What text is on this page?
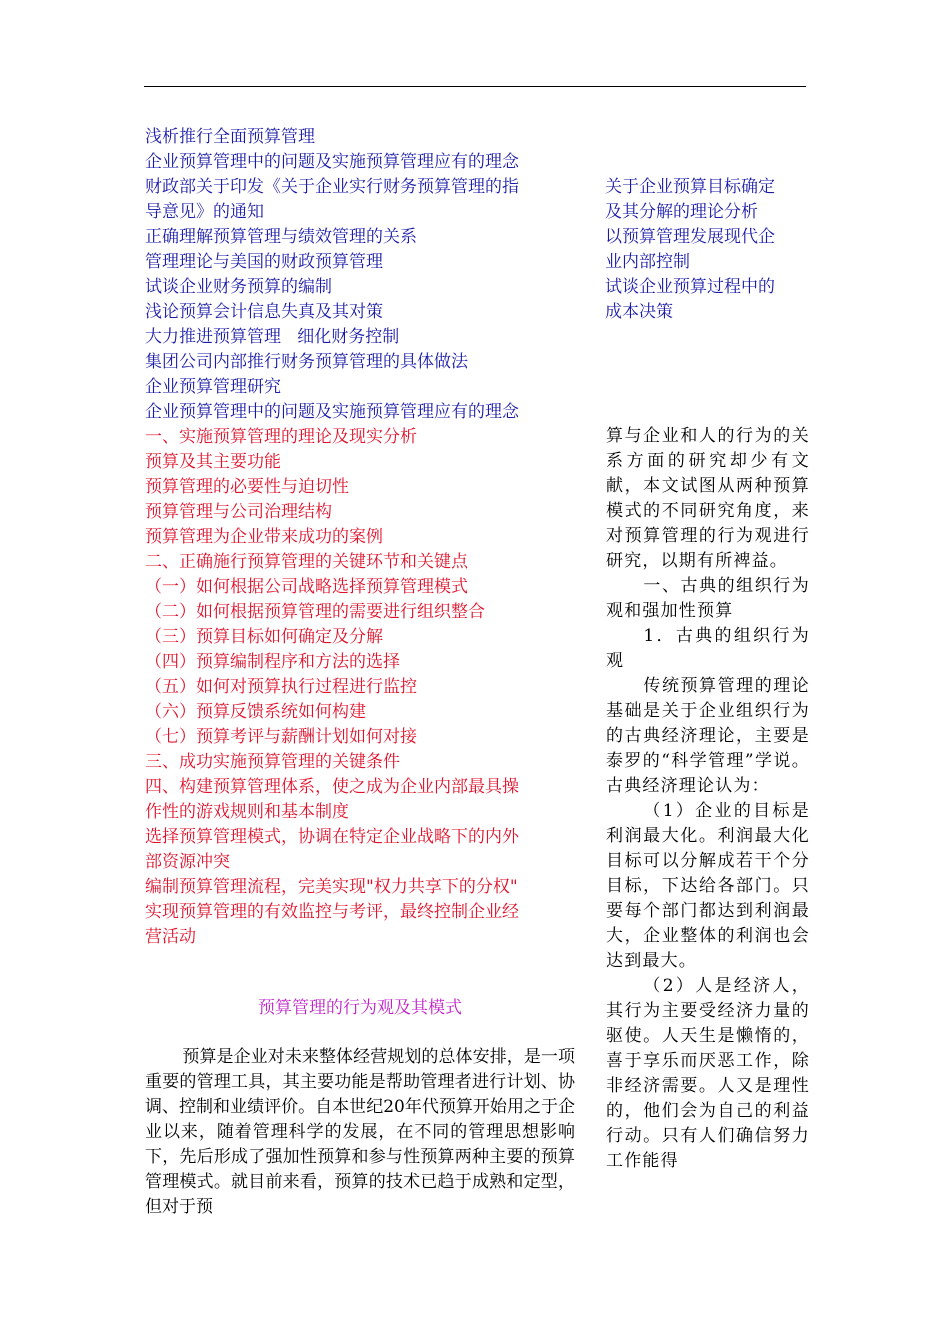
浅析推行全面预算管理
企业预算管理中的问题及实施预算管理应有的理念
财政部关于印发《关于企业实行财务预算管理的指
导意见》的通知
正确理解预算管理与绩效管理的关系
管理理论与美国的财政预算管理
试谈企业财务预算的编制
浅论预算会计信息失真及其对策
大力推进预算管理   细化财务控制
集团公司内部推行财务预算管理的具体做法
企业预算管理研究
企业预算管理中的问题及实施预算管理应有的理念
一、实施预算管理的理论及现实分析
预算及其主要功能
预算管理的必要性与迫切性
预算管理与公司治理结构
预算管理为企业带来成功的案例
二、正确施行预算管理的关键环节和关键点
（一）如何根据公司战略选择预算管理模式
（二）如何根据预算管理的需要进行组织整合
（三）预算目标如何确定及分解
（四）预算编制程序和方法的选择
（五）如何对预算执行过程进行监控
（六）预算反馈系统如何构建
（七）预算考评与薪酬计划如何对接
三、成功实施预算管理的关键条件
四、构建预算管理体系，使之成为企业内部最具操
作性的游戏规则和基本制度
选择预算管理模式，协调在特定企业战略下的内外
部资源冲突
编制预算管理流程，完美实现"权力共享下的分权"
实现预算管理的有效监控与考评，最终控制企业经
营活动
关于企业预算目标确定
及其分解的理论分析
以预算管理发展现代企
业内部控制
试谈企业预算过程中的
成本决策
预算管理的行为观及其模式

预算是企业对未来整体经营规划的总体安排，是一项重要的管理工具，其主要功能是帮助管理者进行计划、协调、控制和业绩评价。自本世纪20年代预算开始用之于企业以来，随着管理科学的发展，在不同的管理思想影响下，先后形成了强加性预算和参与性预算两种主要的预算管理模式。就目前来看，预算的技术已趋于成熟和定型，但对于预

算与企业和人的行为的关系方面的研究却少有文献，本文试图从两种预算模式的不同研究角度，来对预算管理的行为观进行研究，以期有所裨益。

一、古典的组织行为观和强加性预算

1．古典的组织行为观

传统预算管理的理论基础是关于企业组织行为的古典经济理论，主要是泰罗的“科学管理”学说。古典经济理论认为：

（1）企业的目标是利润最大化。利润最大化目标可以分解成若干个分目标，下达给各部门。只要每个部门都达到利润最大，企业整体的利润也会达到最大。

（2）人是经济人，其行为主要受经济力量的驱使。人天生是懒惰的，喜于享乐而厌恶工作，除非经济需要。人又是理性的，他们会为自己的利益行动。只有人们确信努力工作能得
